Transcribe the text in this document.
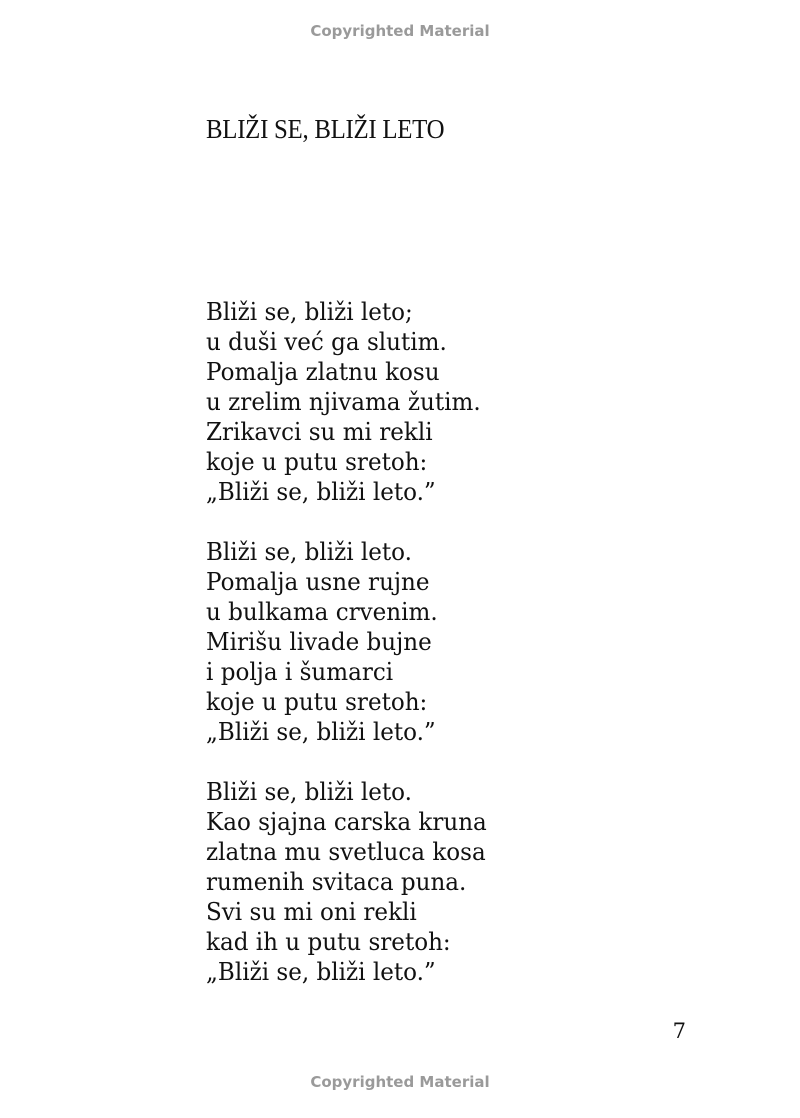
Copyrighted Material
BLIŽI SE, BLIŽI LETO
Bliži se, bliži leto;
u duši već ga slutim.
Pomalja zlatnu kosu
u zrelim njivama žutim.
Zrikavci su mi rekli
koje u putu sretoh:
„Bliži se, bliži leto.”
Bliži se, bliži leto.
Pomalja usne rujne
u bulkama crvenim.
Mirišu livade bujne
i polja i šumarci
koje u putu sretoh:
„Bliži se, bliži leto.”
Bliži se, bliži leto.
Kao sjajna carska kruna
zlatna mu svetluca kosa
rumenih svitaca puna.
Svi su mi oni rekli
kad ih u putu sretoh:
„Bliži se, bliži leto.”
7
Copyrighted Material
